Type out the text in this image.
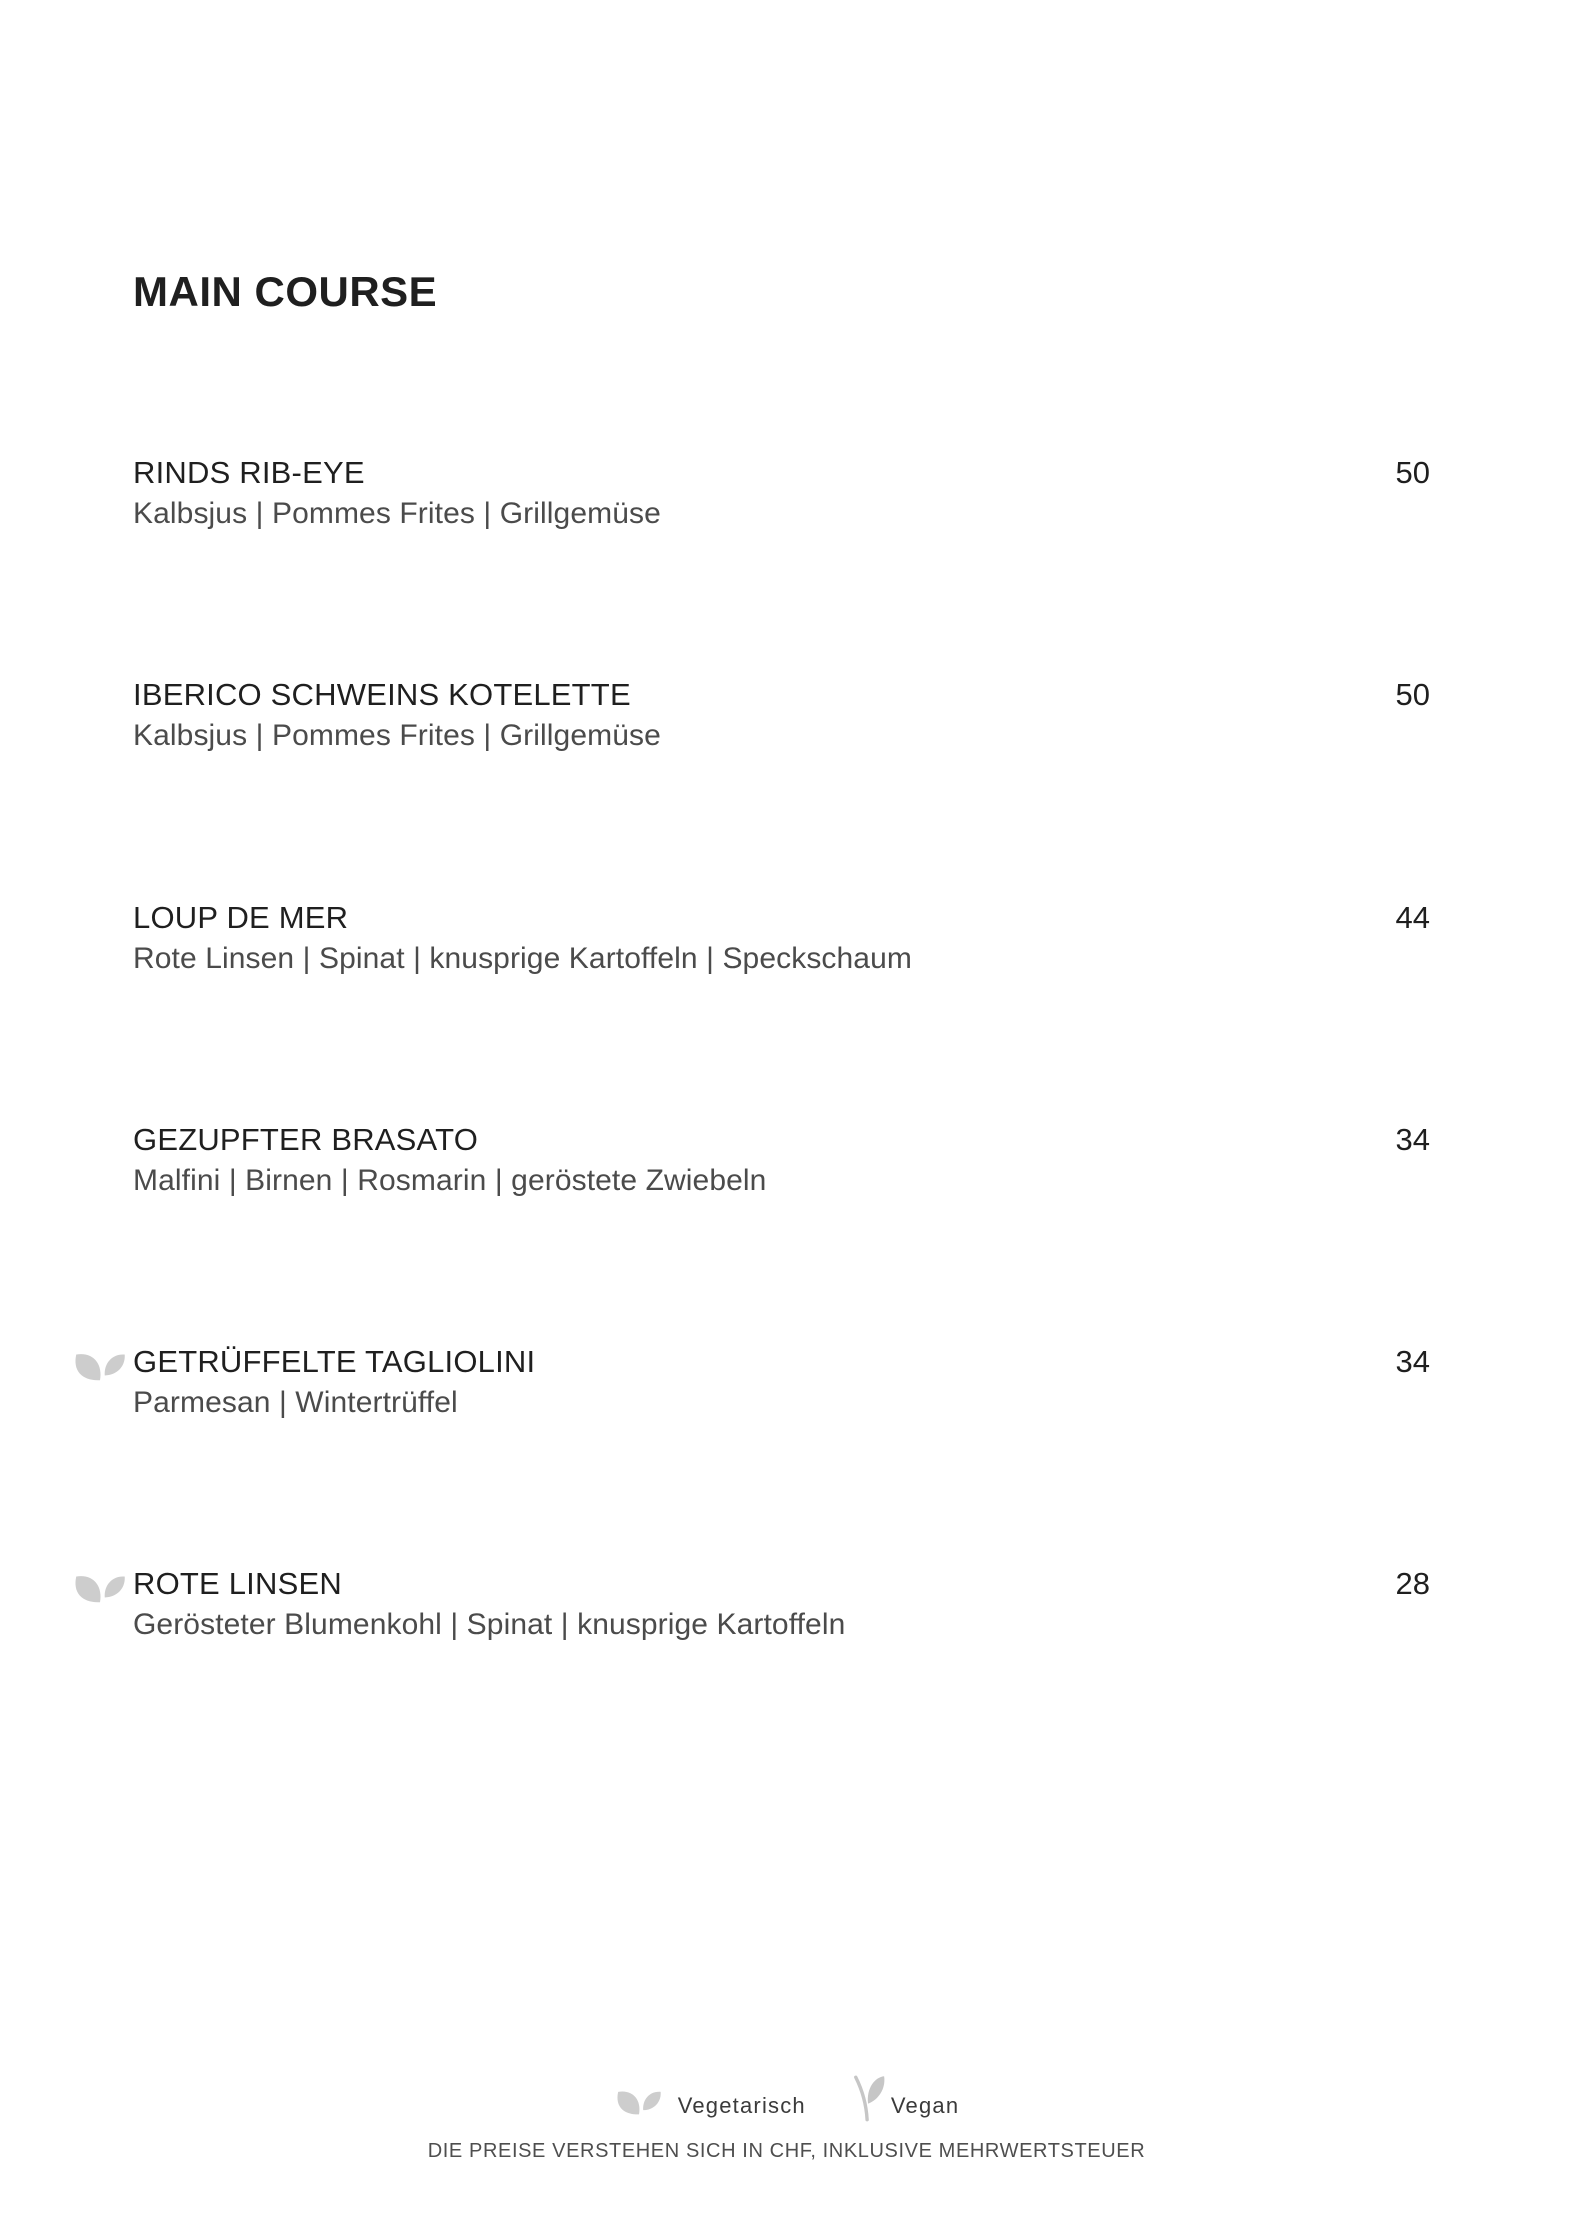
MAIN COURSE
RINDS RIB-EYE	50
Kalbsjus | Pommes Frites | Grillgemüse
IBERICO SCHWEINS KOTELETTE	50
Kalbsjus | Pommes Frites | Grillgemüse
LOUP DE MER	44
Rote Linsen | Spinat | knusprige Kartoffeln | Speckschaum
GEZUPFTER BRASATO	34
Malfini | Birnen | Rosmarin | geröstete Zwiebeln
GETRÜFFELTE TAGLIOLINI	34
Parmesan | Wintertrüffel
ROTE LINSEN	28
Gerösteter Blumenkohl | Spinat | knusprige Kartoffeln
Vegetarisch	Vegan
DIE PREISE VERSTEHEN SICH IN CHF, INKLUSIVE MEHRWERTSTEUER
